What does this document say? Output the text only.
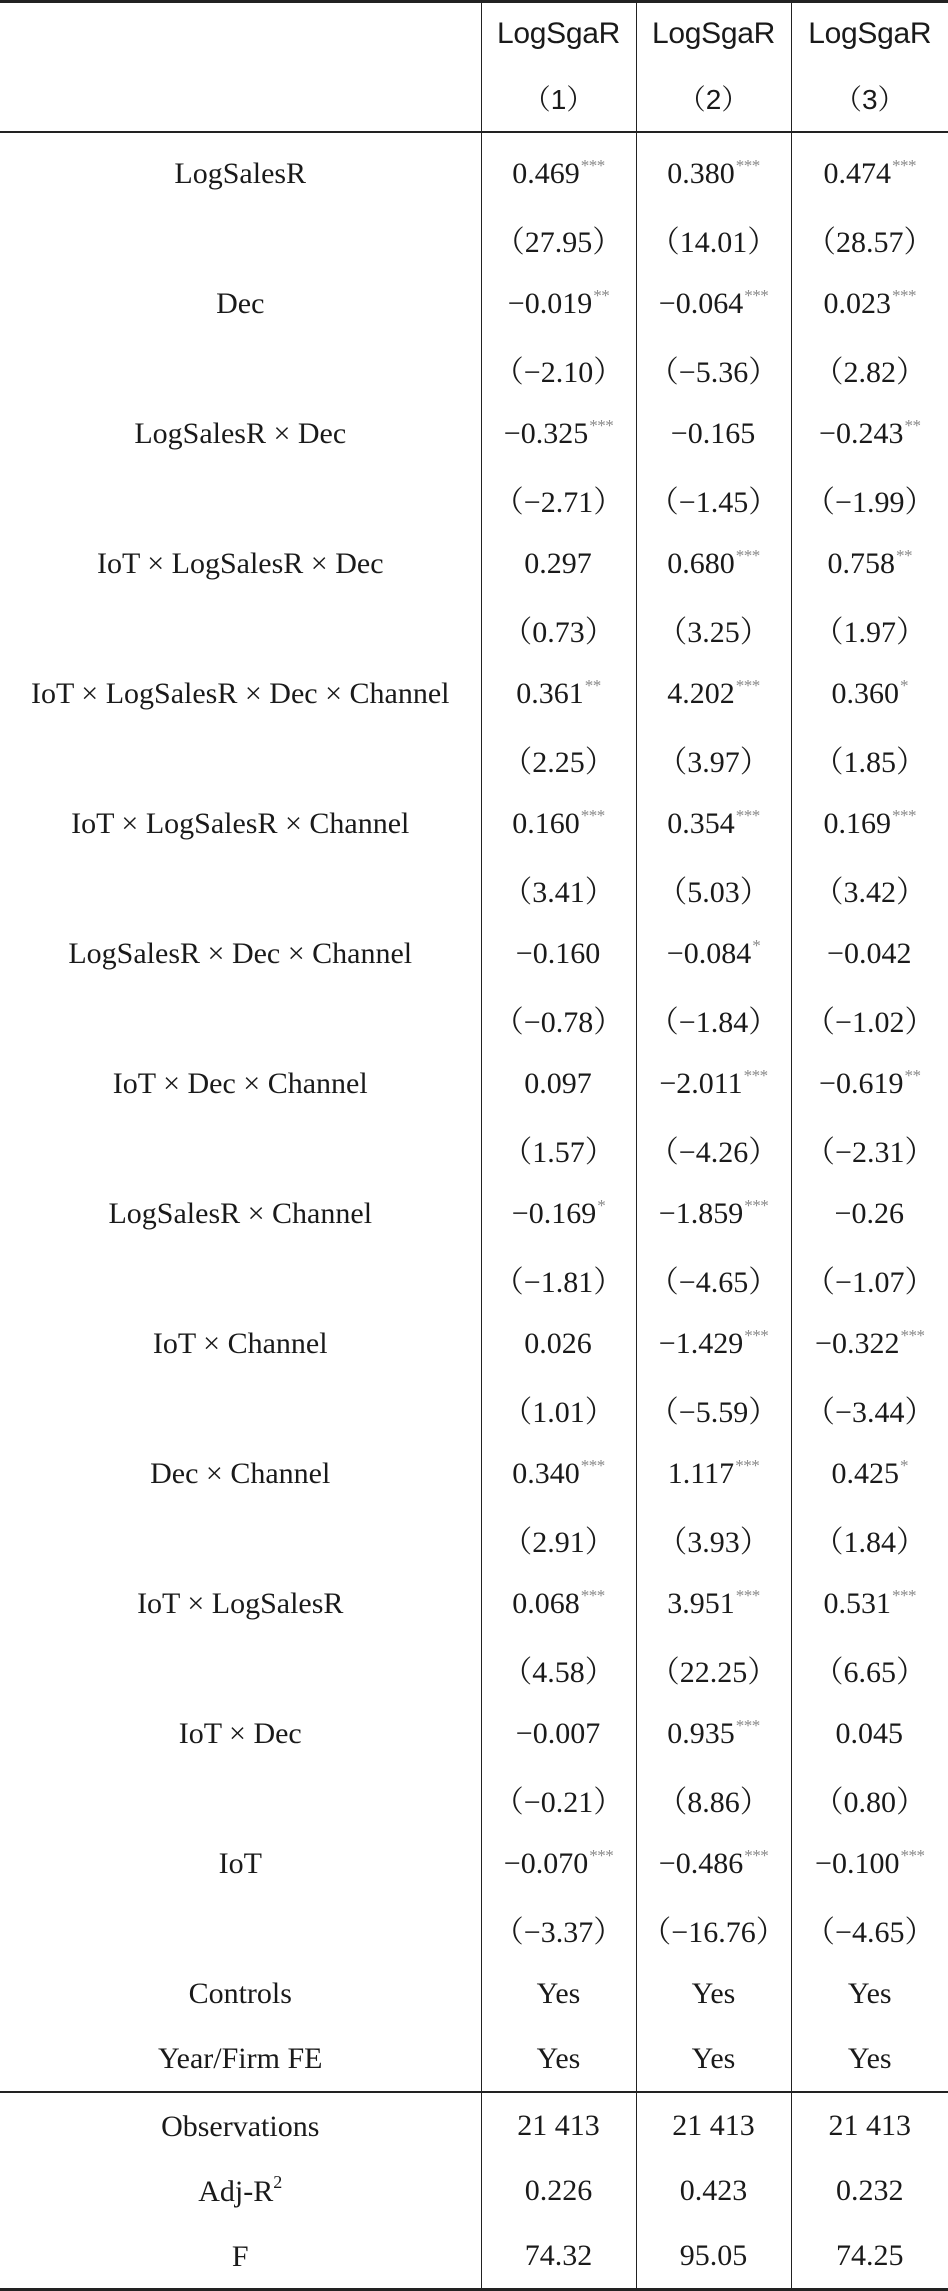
	LogSgaR	LogSgaR	LogSgaR
	（1）	（2）	（3）
LogSalesR	0.469***	0.380***	0.474***
	（27.95）	（14.01）	（28.57）
Dec	−0.019**	−0.064***	0.023***
	（−2.10）	（−5.36）	（2.82）
LogSalesR × Dec	−0.325***	−0.165	−0.243**
	（−2.71）	（−1.45）	（−1.99）
IoT × LogSalesR × Dec	0.297	0.680***	0.758**
	（0.73）	（3.25）	（1.97）
IoT × LogSalesR × Dec × Channel	0.361**	4.202***	0.360*
	（2.25）	（3.97）	（1.85）
IoT × LogSalesR × Channel	0.160***	0.354***	0.169***
	（3.41）	（5.03）	（3.42）
LogSalesR × Dec × Channel	−0.160	−0.084*	−0.042
	（−0.78）	（−1.84）	（−1.02）
IoT × Dec × Channel	0.097	−2.011***	−0.619**
	（1.57）	（−4.26）	（−2.31）
LogSalesR × Channel	−0.169*	−1.859***	−0.26
	（−1.81）	（−4.65）	（−1.07）
IoT × Channel	0.026	−1.429***	−0.322***
	（1.01）	（−5.59）	（−3.44）
Dec × Channel	0.340***	1.117***	0.425*
	（2.91）	（3.93）	（1.84）
IoT × LogSalesR	0.068***	3.951***	0.531***
	（4.58）	（22.25）	（6.65）
IoT × Dec	−0.007	0.935***	0.045
	（−0.21）	（8.86）	（0.80）
IoT	−0.070***	−0.486***	−0.100***
	（−3.37）	（−16.76）	（−4.65）
Controls	Yes	Yes	Yes
Year/Firm FE	Yes	Yes	Yes
Observations	21 413	21 413	21 413
Adj-$R^2$	0.226	0.423	0.232
F	74.32	95.05	74.25
